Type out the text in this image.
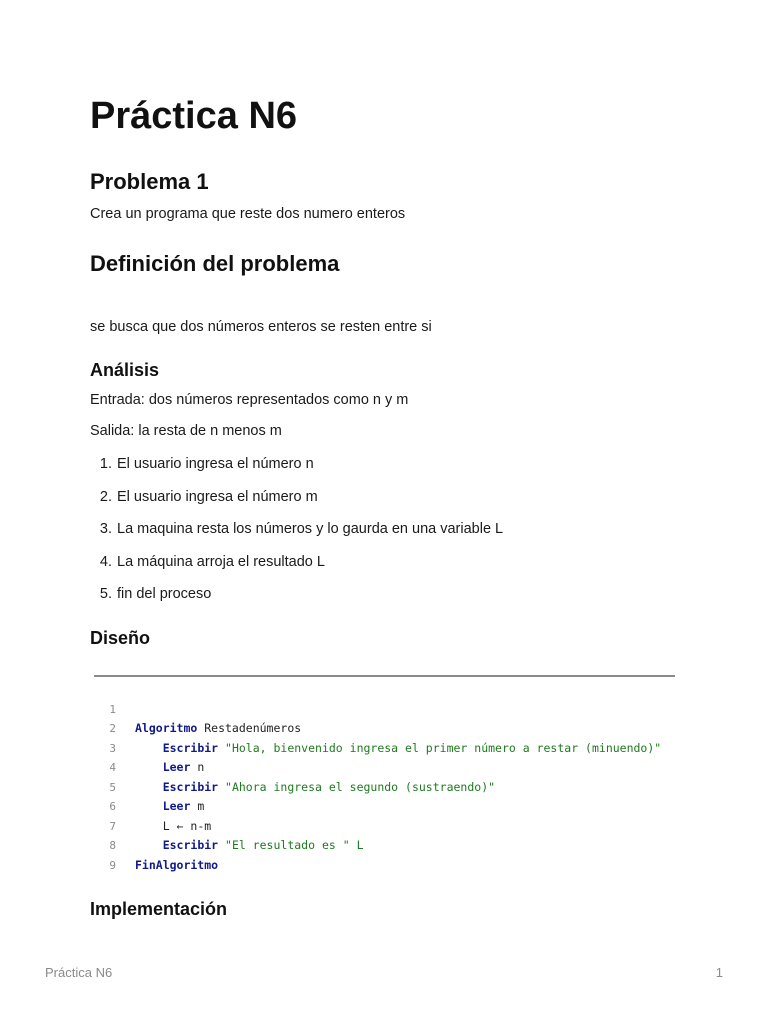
Práctica N6
Problema 1

Crea un programa que reste dos numero enteros

Definición del problema

se busca que dos números enteros se resten entre si

Análisis

Entrada: dos números representados como n y m

Salida: la resta de n menos m

1. El usuario ingresa el número n
2. El usuario ingresa el número m
3. La maquina resta los números y lo gaurda en una variable L
4. La máquina arroja el resultado L
5. fin del proceso
Diseño

1

Algoritmo Restadenúmeros

2

Escribir "Hola, bienvenido ingresa el primer número a restar (minuendo)"

3

Leer n

4

Escribir "Ahora ingresa el segundo (sustraendo)"

5

Leer m

6

L ← n-m

7

Escribir "El resultado es " L

8

FinAlgoritmo

9

Implementación
Práctica N6	1
